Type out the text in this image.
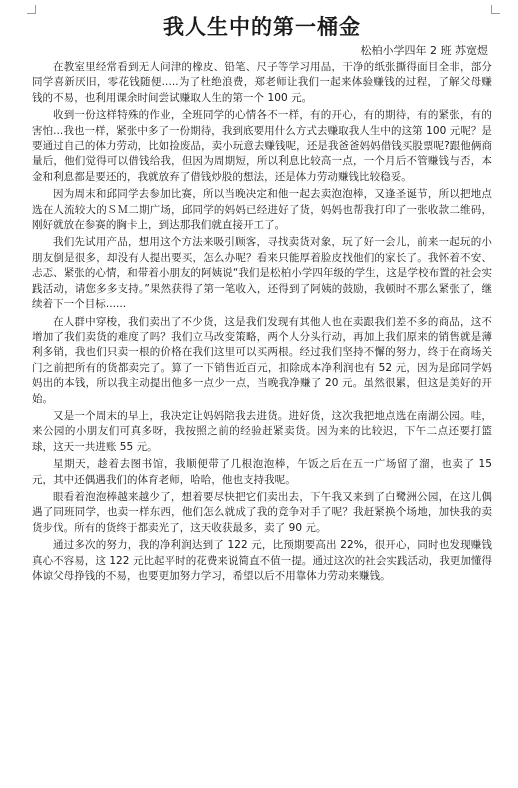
我人生中的第一桶金
松柏小学四年 2 班 苏宽煜

在教室里经常看到无人问津的橡皮、铅笔、尺子等学习用品，干净的纸张撕得面目全非，部分同学喜新厌旧，零花钱随便.....为了杜绝浪费，郑老师让我们一起来体验赚钱的过程，了解父母赚钱的不易，也利用课余时间尝试赚取人生的第一个 100 元。

收到一份这样特殊的作业，全班同学的心情各不一样，有的开心，有的期待，有的紧张，有的害怕...我也一样，紧张中多了一份期待，我到底要用什么方式去赚取我人生中的这第 100 元呢？是要通过自己的体力劳动，比如捡废品，卖小玩意去赚钱呢，还是我爸爸妈妈借钱买股票呢?跟他俩商量后，他们觉得可以借钱给我，但因为周期短，所以利息比较高一点，一个月后不管赚钱与否，本金和利息都是要还的，我就放弃了借钱炒股的想法，还是体力劳动赚钱比较稳妥。

因为周末和邱同学去参加比赛，所以当晚决定和他一起去卖泡泡棒，又逢圣诞节，所以把地点选在人流较大的ＳＭ二期广场，邱同学的妈妈已经进好了货，妈妈也帮我打印了一张收款二维码，刚好就放在参赛的胸卡上，到达那我们就直接开工了。

我们先试用产品，想用这个方法来吸引顾客，寻找卖货对象，玩了好一会儿，前来一起玩的小朋友倒是很多，却没有人提出要买，怎么办呢？看来只能厚着脸皮找他们的家长了。我怀着不安、忐忑、紧张的心情，和带着小朋友的阿姨说“我们是松柏小学四年级的学生，这是学校布置的社会实践活动，请您多多支持。”果然获得了第一笔收入，还得到了阿姨的鼓励，我顿时不那么紧张了，继续着下一个目标......

在人群中穿梭，我们卖出了不少货，这是我们发现有其他人也在卖跟我们差不多的商品，这不增加了我们卖货的难度了吗？我们立马改变策略，两个人分头行动，再加上我们原来的销售就是薄利多销，我也们只卖一根的价格在我们这里可以买两根。经过我们坚持不懈的努力，终于在商场关门之前把所有的货都卖完了。算了一下销售近百元，扣除成本净利润也有 52 元，因为是邱同学妈妈出的本钱，所以我主动提出他多一点少一点，当晚我净赚了 20 元。虽然很累，但这是美好的开始。

又是一个周末的早上，我决定让妈妈陪我去进货。进好货，这次我把地点选在南湖公园。哇，来公园的小朋友们可真多呀，我按照之前的经验赶紧卖货。因为来的比较迟，下午二点还要打篮球，这天一共进账 55 元。

星期天，趁着去图书馆，我顺便带了几根泡泡棒，午饭之后在五一广场留了溜，也卖了 15 元，其中还偶遇我们的体育老师，哈哈，他也支持我呢。

眼看着泡泡棒越来越少了，想着要尽快把它们卖出去，下午我又来到了白鹭洲公园，在这儿偶遇了同班同学，也卖一样东西，他们怎么就成了我的竞争对手了呢？我赶紧换个场地，加快我的卖货步伐。所有的货终于都卖光了，这天收获最多，卖了 90 元。

通过多次的努力，我的净利润达到了 122 元，比预期要高出 22%，很开心，同时也发现赚钱真心不容易，这 122 元比起平时的花费来说简直不值一提。通过这次的社会实践活动，我更加懂得体谅父母挣钱的不易，也要更加努力学习，希望以后不用靠体力劳动来赚钱。
